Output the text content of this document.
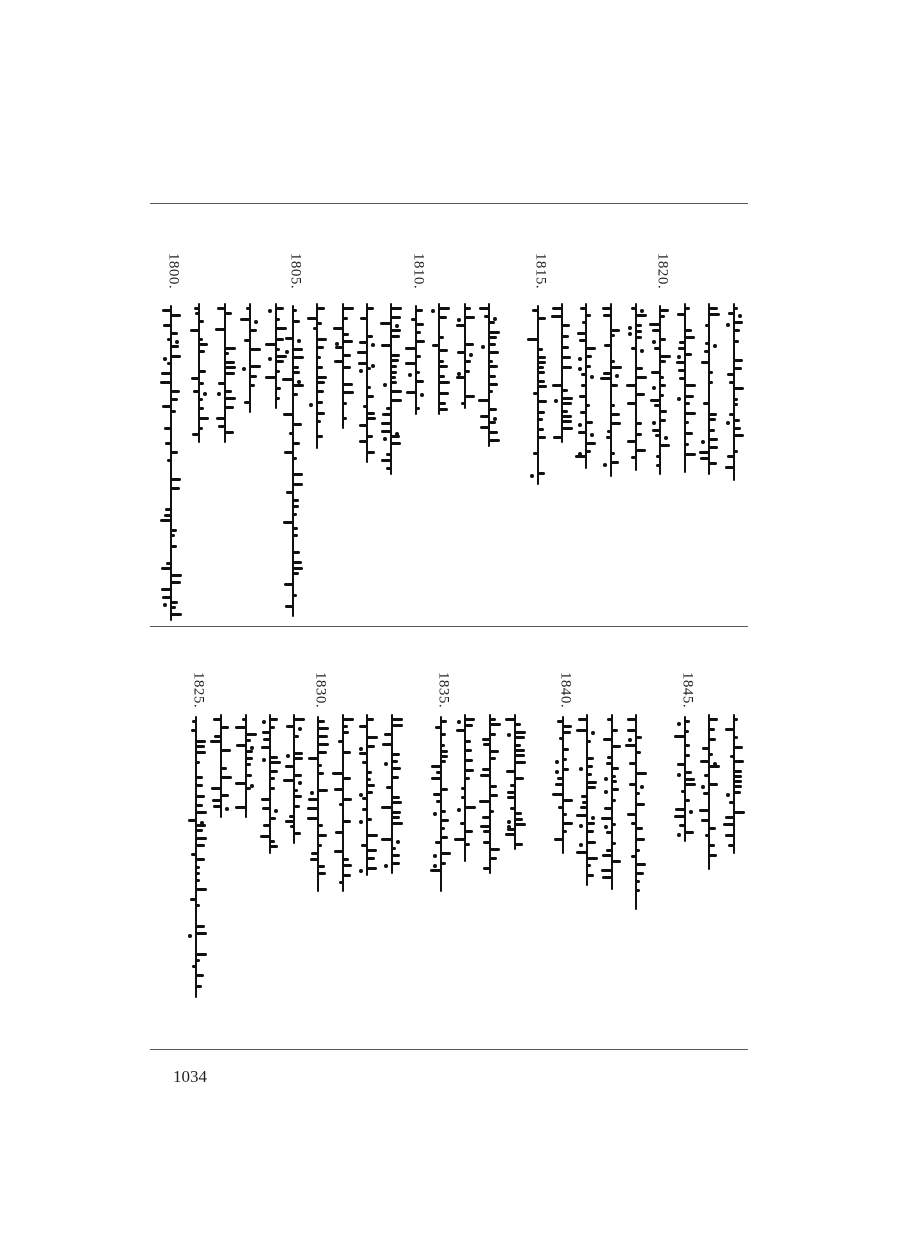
1800.	1805.	1810.	1815.	1820.
1825.	1830.	1835.	1840.	1845.
1034
